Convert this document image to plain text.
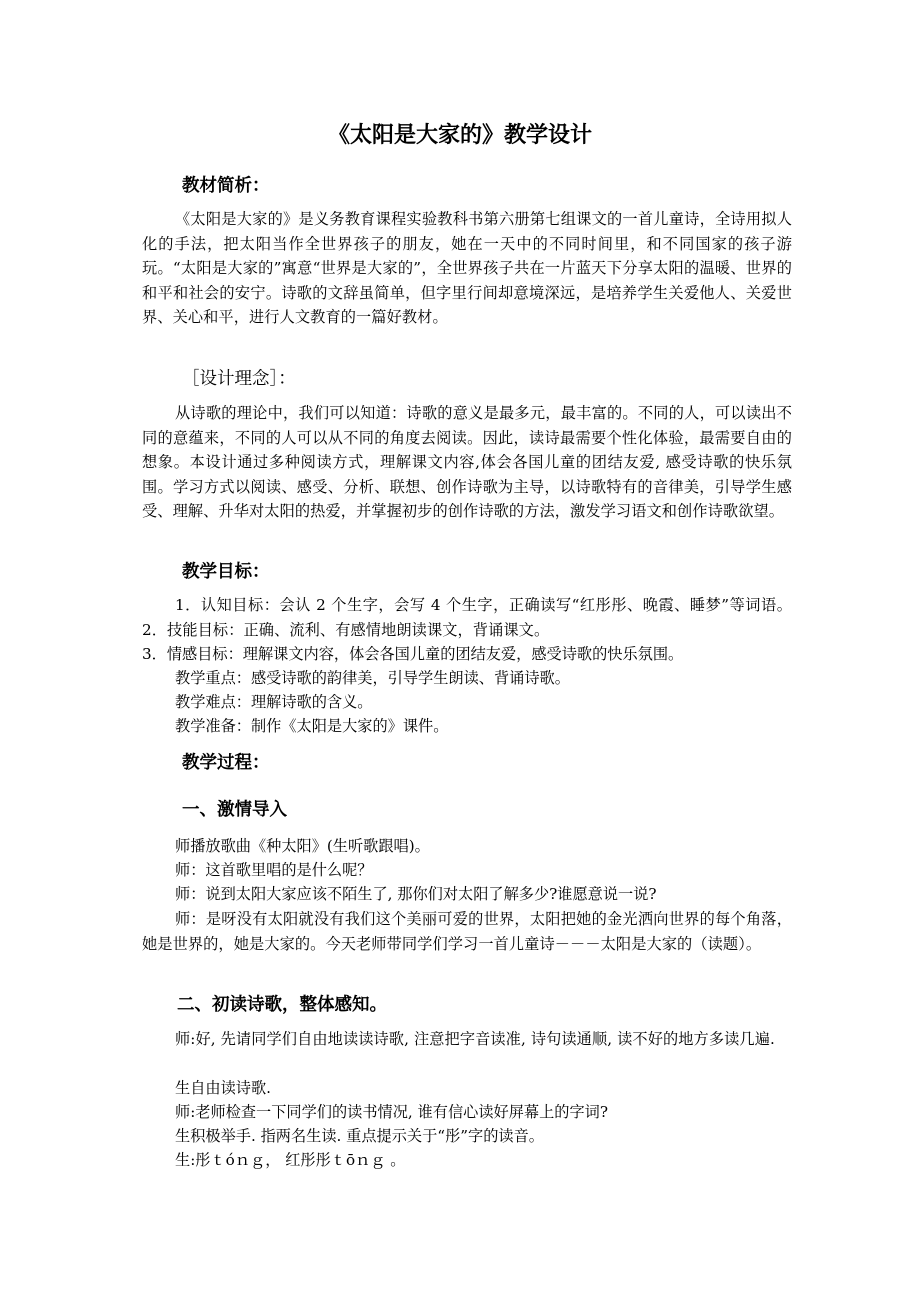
《太阳是大家的》教学设计
教材简析：
《太阳是大家的》是义务教育课程实验教科书第六册第七组课文的一首儿童诗，全诗用拟人化的手法，把太阳当作全世界孩子的朋友，她在一天中的不同时间里，和不同国家的孩子游玩。“太阳是大家的”寓意“世界是大家的”，全世界孩子共在一片蓝天下分享太阳的温暖、世界的和平和社会的安宁。诗歌的文辞虽简单，但字里行间却意境深远，是培养学生关爱他人、关爱世界、关心和平，进行人文教育的一篇好教材。
［设计理念］：
从诗歌的理论中，我们可以知道：诗歌的意义是最多元，最丰富的。不同的人，可以读出不同的意蕴来，不同的人可以从不同的角度去阅读。因此，读诗最需要个性化体验，最需要自由的想象。本设计通过多种阅读方式，理解课文内容,体会各国儿童的团结友爱, 感受诗歌的快乐氛围。学习方式以阅读、感受、分析、联想、创作诗歌为主导，以诗歌特有的音律美，引导学生感受、理解、升华对太阳的热爱，并掌握初步的创作诗歌的方法，激发学习语文和创作诗歌欲望。
教学目标：
1．认知目标：会认 2 个生字，会写 4 个生字，正确读写“红彤彤、晚霞、睡梦”等词语。2．技能目标：正确、流利、有感情地朗读课文，背诵课文。
3．情感目标：理解课文内容，体会各国儿童的团结友爱，感受诗歌的快乐氛围。
教学重点：感受诗歌的韵律美，引导学生朗读、背诵诗歌。
教学难点：理解诗歌的含义。
教学准备：制作《太阳是大家的》课件。
教学过程：
一、激情导入
师播放歌曲《种太阳》(生听歌跟唱)。
师：这首歌里唱的是什么呢？
师：说到太阳大家应该不陌生了, 那你们对太阳了解多少?谁愿意说一说?
师：是呀没有太阳就没有我们这个美丽可爱的世界，太阳把她的金光洒向世界的每个角落，她是世界的，她是大家的。今天老师带同学们学习一首儿童诗－－－太阳是大家的（读题）。
二、初读诗歌，整体感知。
师:好, 先请同学们自由地读读诗歌, 注意把字音读准, 诗句读通顺, 读不好的地方多读几遍.
生自由读诗歌.
师:老师检查一下同学们的读书情况, 谁有信心读好屏幕上的字词?
生积极举手. 指两名生读. 重点提示关于“彤”字的读音。
生:彤ｔóｎｇ， 红彤彤ｔōｎｇ 。
